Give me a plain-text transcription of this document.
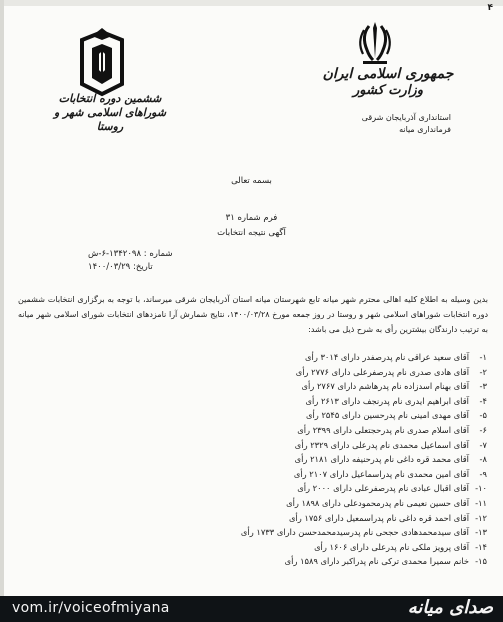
۴
ششمین دوره انتخابات
شوراهای اسلامی شهر و روستا
جمهوری اسلامی ایران
وزارت کشور
استانداری آذربایجان شرقی
فرمانداری میانه
بسمه تعالی
فرم شماره ۳۱
آگهی نتیجه انتخابات
شماره : ۱۳۴۲۰۹۸-۶-ش
تاریخ: ۱۴۰۰/۰۳/۲۹
بدین وسیله به اطلاع کلیه اهالی محترم شهر میانه تابع شهرستان میانه استان آذربایجان شرقی میرساند، با توجه به برگزاری انتخابات ششمین دوره انتخابات شوراهای اسلامی شهر و روستا در روز جمعه مورخ ۱۴۰۰/۰۳/۲۸، نتایج شمارش آرا نامزدهای انتخابات شورای اسلامی شهر میانه به ترتیب دارندگان بیشترین رأی به شرح ذیل می باشد:
۱-آقای سعید عراقی نام پدرصفدر دارای ۳۰۱۴ رأی
۲-آقای هادی صدری نام پدرصفرعلی دارای ۲۷۷۶ رأی
۳-آقای بهنام اسدزاده نام پدرهاشم دارای ۲۷۶۷ رأی
۴-آقای ابراهیم ایدری نام پدرنجف دارای ۲۶۱۳ رأی
۵-آقای مهدی امینی نام پدرحسین دارای ۲۵۴۵ رأی
۶-آقای اسلام صدری نام پدرحجتعلی دارای ۲۳۹۹ رأی
۷-آقای اسماعیل محمدی نام پدرعلی دارای ۲۳۲۹ رأی
۸-آقای محمد قره داغی نام پدرحنیفه دارای ۲۱۸۱ رأی
۹-آقای امین محمدی نام پدراسماعیل دارای ۲۱۰۷ رأی
۱۰-آقای اقبال عبادی نام پدرصفرعلی دارای ۲۰۰۰ رأی
۱۱-آقای حسین نعیمی نام پدرمحمودعلی دارای ۱۸۹۸ رأی
۱۲-آقای احمد قره داغی نام پدراسمعیل دارای ۱۷۵۶ رأی
۱۳-آقای سیدمحمدهادی حجحی نام پدرسیدمحمدحسن دارای ۱۷۳۳ رأی
۱۴-آقای پرویز ملکی نام پدرعلی دارای ۱۶۰۶ رأی
۱۵-خانم سمیرا محمدی ترکی نام پدراکبر دارای ۱۵۸۹ رأی
vom.ir/voiceofmiyana	صدای میانه
